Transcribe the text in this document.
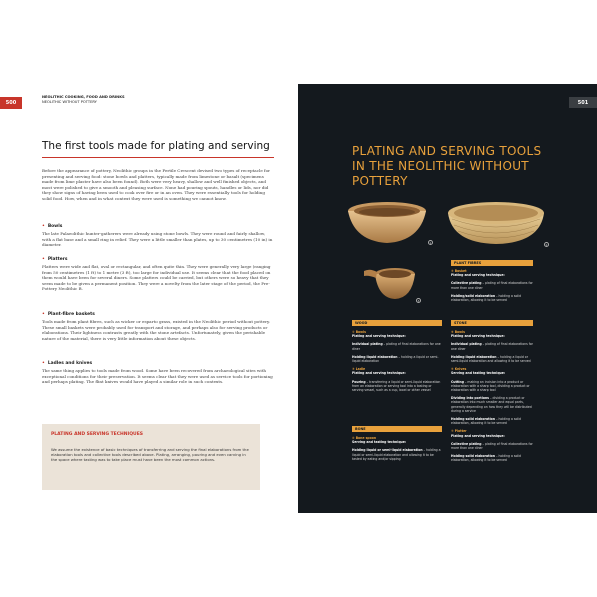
500
NEOLITHIC COOKING, FOOD AND DRINKS
NEOLITHIC WITHOUT POTTERY
The first tools made for plating and serving
Before the appearance of pottery, Neolithic groups in the Fertile Crescent devised two types of receptacle for presenting and serving food: stone bowls and platters, typically made from limestone or basalt (specimens made from lime plaster have also been found). Both were very heavy, shallow and well finished objects, and most were polished to give a smooth and pleasing surface. None had pouring spouts, handles or lids, nor did they show signs of having been used to cook over fire or in an oven. They were essentially tools for holding solid food. How, when and in what context they were used is something we cannot know.
• Bowls
The late Palaeolithic hunter-gatherers were already using stone bowls. They were round and fairly shallow, with a flat base and a small ring in relief. They were a little smaller than plates, up to 30 centimetres (10 in) in diameter.
• Platters
Platters were wide and flat, oval or rectangular, and often quite thin. They were generally very large (ranging from 50 centimetres (1 ft) to 1 metre (3 ft), too large for individual use. It seems clear that the food placed on them would have been for several diners. Some platters could be carried, but others were so heavy that they seem made to be given a permanent position. They were a novelty from the later stage of the period, the Pre-Pottery Neolithic B.
• Plant-fibre baskets
Tools made from plant fibres, such as wicker or esparto grass, existed in the Neolithic period without pottery. These small baskets were probably used for transport and storage, and perhaps also for serving products or elaborations. Their lightness contrasts greatly with the stone artefacts. Unfortunately, given the perishable nature of the material, there is very little information about these objects.
• Ladles and knives
The same thing applies to tools made from wood. Some have been recovered from archaeological sites with exceptional conditions for their preservation. It seems clear that they were used as service tools for portioning and perhaps plating. The flint knives would have played a similar role in such contexts.
PLATING AND SERVING TECHNIQUES
We assume the existence of basic techniques of transferring and serving the final elaborations from the elaboration tools and collective tools described above. Plating, arranging, pouring and even carving in the space where tasting was to take place must have been the most common actions.
501
PLATING AND SERVING TOOLS
IN THE NEOLITHIC WITHOUT
POTTERY
1	2
3
PLANT FIBRES
② Basket

Plating and serving technique:

Collective plating – plating of final elaborations for more than one diner

Holding/solid elaboration – holding a solid elaboration, allowing it to be served

WOOD
① Bowls

Plating and serving technique:

Individual plating – plating of final elaborations for one diner

Holding liquid elaboration – holding a liquid or semi-liquid elaboration

③ Ladle

Plating and serving technique:

Pouring – transferring a liquid or semi-liquid elaboration from an elaboration or serving tool into a tasting or serving vessel, such as a cup, bowl or other vessel

BONE
④ Bone spoon

Serving and tasting technique:

Holding liquid or semi-liquid elaboration – holding a liquid or semi-liquid elaboration and allowing it to be tasted by eating and/or sipping

STONE
⑤ Bowls

Plating and serving technique:

Individual plating – plating of final elaborations for one diner

Holding liquid elaboration – holding a liquid or semi-liquid elaboration and allowing it to be served

⑥ Knives

Serving and tasting technique:

Cutting – making an incision into a product or elaboration with a sharp tool, dividing a product or elaboration with a sharp tool

Dividing into portions – dividing a product or elaboration into much smaller and equal parts, generally depending on how they will be distributed during a service

Holding solid elaboration – holding a solid elaboration, allowing it to be served

⑦ Platter

Plating and serving technique:

Collective plating – plating of final elaborations for more than one diner

Holding solid elaboration – holding a solid elaboration, allowing it to be served
